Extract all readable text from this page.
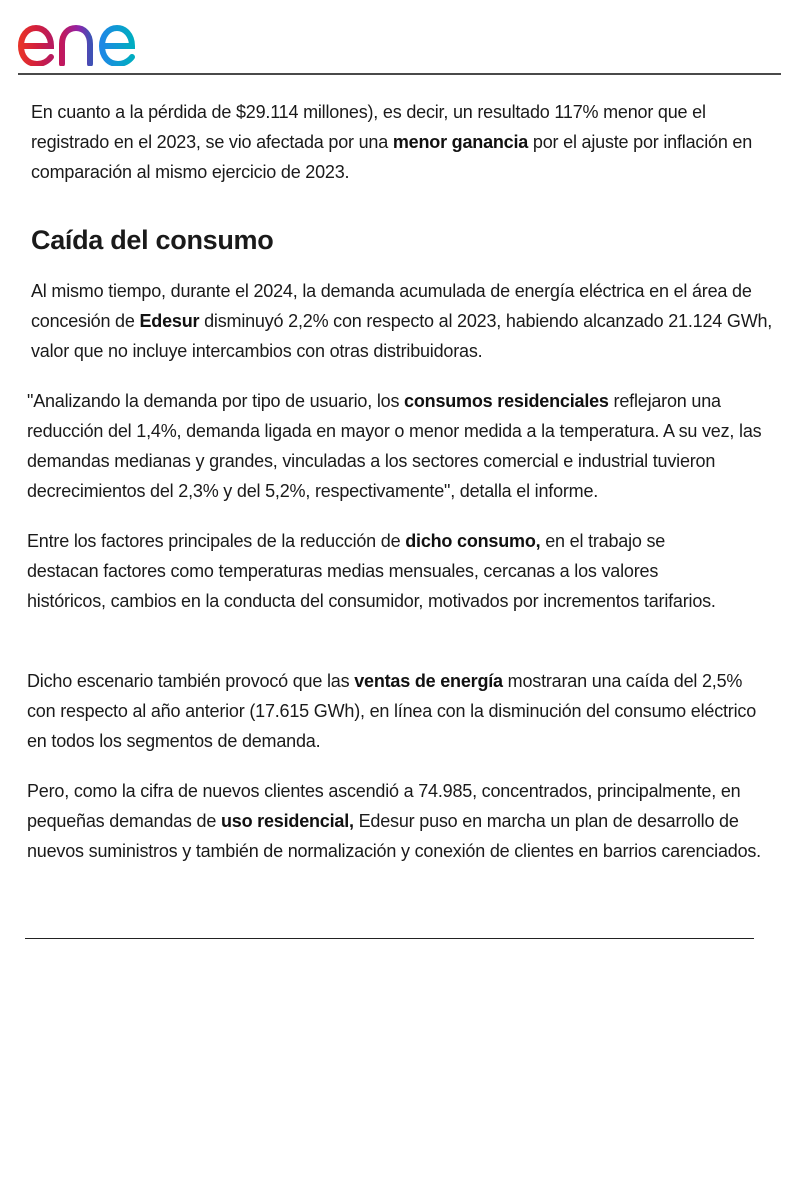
En cuanto a la pérdida de $29.114 millones), es decir, un resultado 117% menor que el registrado en el 2023, se vio afectada por una menor ganancia por el ajuste por inflación en comparación al mismo ejercicio de 2023.

Caída del consumo

Al mismo tiempo, durante el 2024, la demanda acumulada de energía eléctrica en el área de concesión de Edesur disminuyó 2,2% con respecto al 2023, habiendo alcanzado 21.124 GWh, valor que no incluye intercambios con otras distribuidoras.

"Analizando la demanda por tipo de usuario, los consumos residenciales reflejaron una reducción del 1,4%, demanda ligada en mayor o menor medida a la temperatura. A su vez, las demandas medianas y grandes, vinculadas a los sectores comercial e industrial tuvieron decrecimientos del 2,3% y del 5,2%, respectivamente", detalla el informe.

Entre los factores principales de la reducción de dicho consumo, en el trabajo se destacan factores como temperaturas medias mensuales, cercanas a los valores históricos, cambios en la conducta del consumidor, motivados por incrementos tarifarios.

Dicho escenario también provocó que las ventas de energía mostraran una caída del 2,5% con respecto al año anterior (17.615 GWh), en línea con la disminución del consumo eléctrico en todos los segmentos de demanda.

Pero, como la cifra de nuevos clientes ascendió a 74.985, concentrados, principalmente, en pequeñas demandas de uso residencial, Edesur puso en marcha un plan de desarrollo de nuevos suministros y también de normalización y conexión de clientes en barrios carenciados.
